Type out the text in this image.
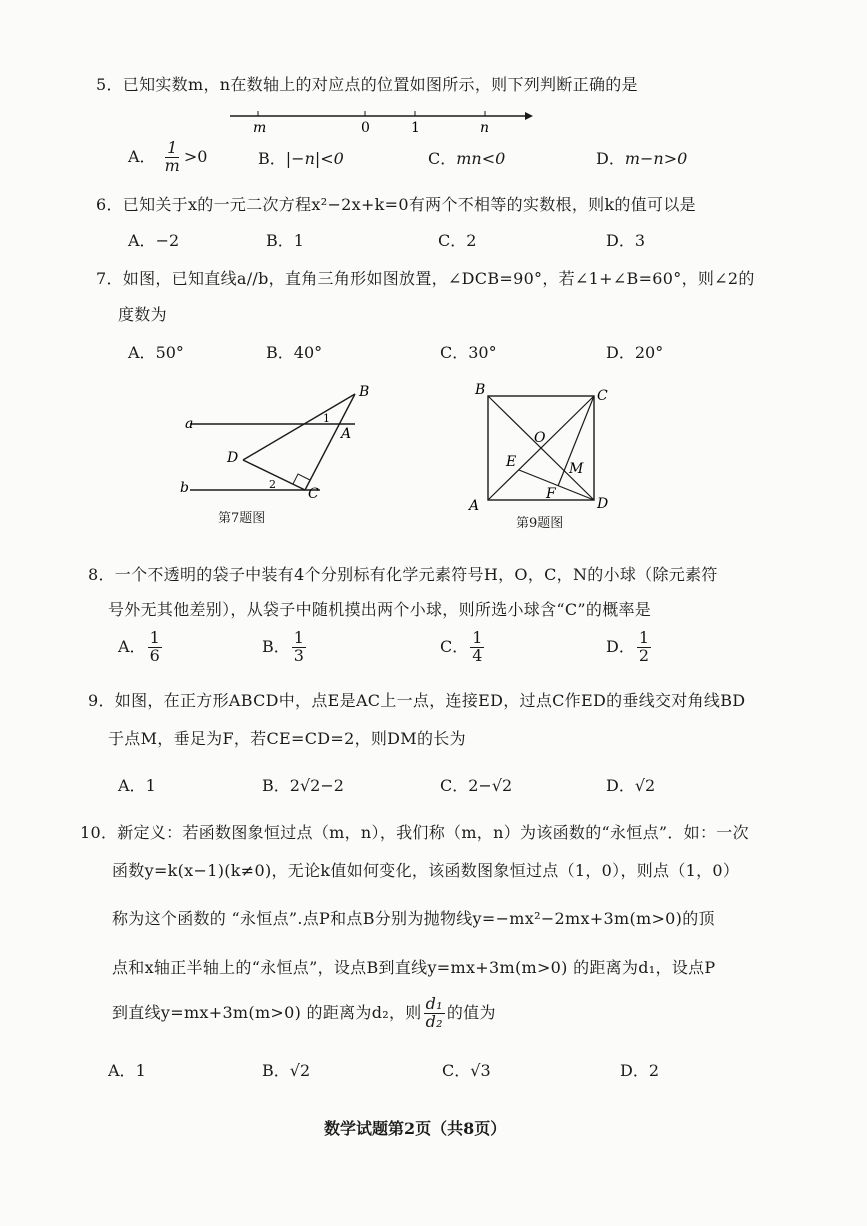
5．已知实数m，n在数轴上的对应点的位置如图所示，则下列判断正确的是
m	0	1	n
A． $\frac{1}{m} >0$	B．|−n|<0	C．mn<0	D．m−n>0
6．已知关于x的一元二次方程x²−2x+k=0有两个不相等的实数根，则k的值可以是
A．−2	B．1	C．2	D．3
7．如图，已知直线a//b，直角三角形如图放置，∠DCB=90°，若∠1+∠B=60°，则∠2的
度数为
A．50°	B．40°	C．30°	D．20°
a
b
B
A
D
C
1
2
第7题图
B	C
O
E	M
F
A	D
第9题图
8．一个不透明的袋子中装有4个分别标有化学元素符号H，O，C，N的小球（除元素符
号外无其他差别），从袋子中随机摸出两个小球，则所选小球含“C”的概率是
A． $\frac{1}{6}$	B． $\frac{1}{3}$	C． $\frac{1}{4}$	D． $\frac{1}{2}$
9．如图，在正方形ABCD中，点E是AC上一点，连接ED，过点C作ED的垂线交对角线BD
于点M，垂足为F，若CE=CD=2，则DM的长为
A．1	B．2√2−2	C．2−√2	D．√2
10．新定义：若函数图象恒过点（m，n），我们称（m，n）为该函数的“永恒点”．如：一次
函数y=k(x−1)(k≠0)，无论k值如何变化，该函数图象恒过点（1，0），则点（1，0）
称为这个函数的 “永恒点”.点P和点B分别为抛物线y=−mx²−2mx+3m(m>0)的顶
点和x轴正半轴上的“永恒点”，设点B到直线y=mx+3m(m>0) 的距离为d₁，设点P
到直线y=mx+3m(m>0) 的距离为d₂，则 $\frac{\text{d₁}}{\text{d₂}}$ 的值为
A．1	B．√2	C．√3	D．2
数学试题第2页（共8页）
